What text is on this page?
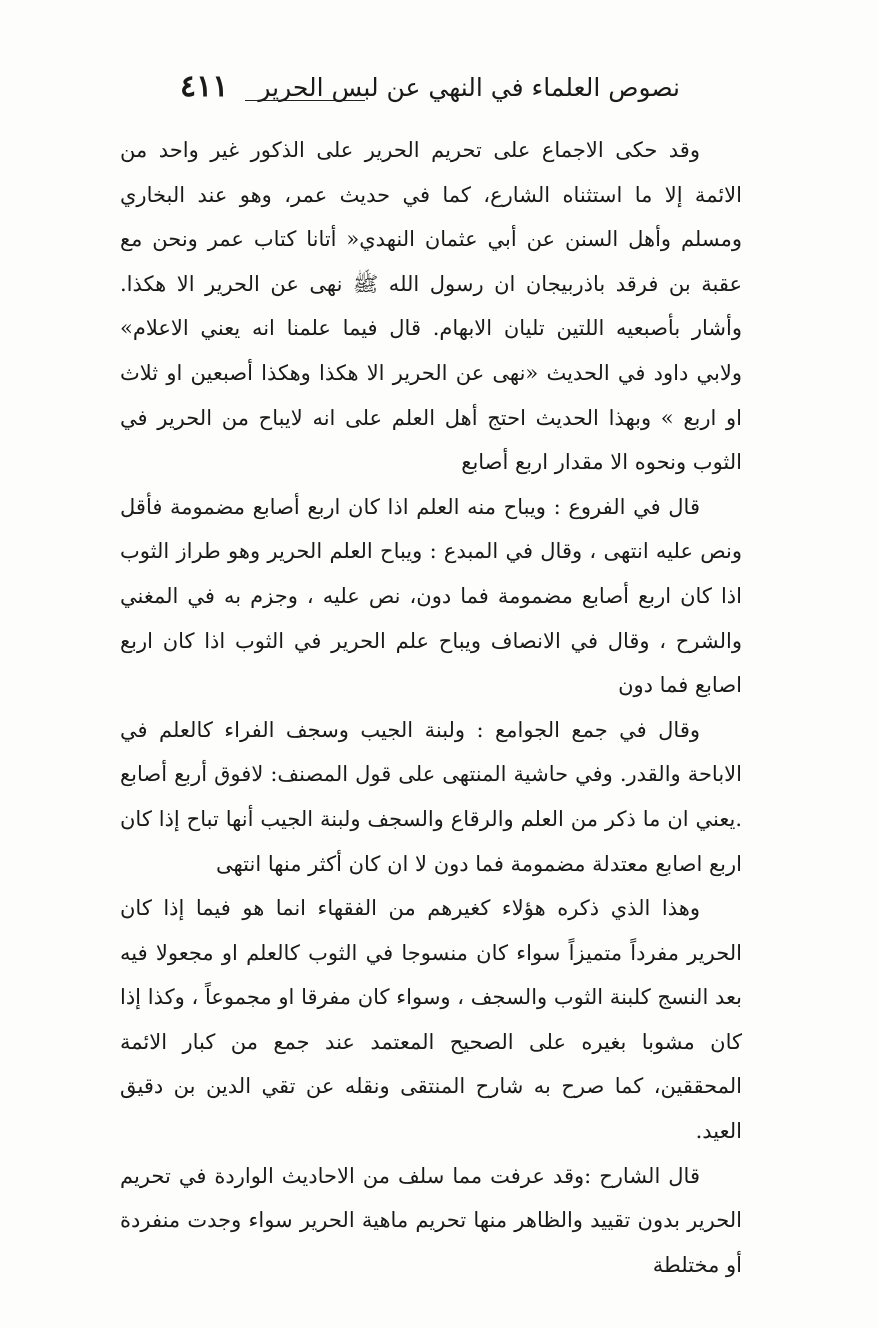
نصوص العلماء في النهي عن لبس الحرير
٤١١

وقد حكى الاجماع على تحريم الحرير على الذكور غير واحد من الائمة إلا ما استثناه الشارع، كما في حديث عمر، وهو عند البخاري ومسلم وأهل السنن عن أبي عثمان النهدي« أتانا كتاب عمر ونحن مع عقبة بن فرقد باذربيجان ان رسول الله ﷺ نهى عن الحرير الا هكذا. وأشار بأصبعيه اللتين تليان الابهام. قال فيما علمنا انه يعني الاعلام» ولابي داود في الحديث «نهى عن الحرير الا هكذا وهكذا أصبعين او ثلاث او اربع » وبهذا الحديث احتج أهل العلم على انه لايباح من الحرير في الثوب ونحوه الا مقدار اربع أصابع

قال في الفروع : ويباح منه العلم اذا كان اربع أصابع مضمومة فأقل ونص عليه انتهى ، وقال في المبدع : ويباح العلم الحرير وهو طراز الثوب اذا كان اربع أصابع مضمومة فما دون، نص عليه ، وجزم به في المغني والشرح ، وقال في الانصاف ويباح علم الحرير في الثوب اذا كان اربع اصابع فما دون

وقال في جمع الجوامع : ولبنة الجيب وسجف الفراء كالعلم في الاباحة والقدر. وفي حاشية المنتهى على قول المصنف: لافوق أربع أصابع .يعني ان ما ذكر من العلم والرقاع والسجف ولبنة الجيب أنها تباح إذا كان اربع اصابع معتدلة مضمومة فما دون لا ان كان أكثر منها انتهى

وهذا الذي ذكره هؤلاء كغيرهم من الفقهاء انما هو فيما إذا كان الحرير مفرداً متميزاً سواء كان منسوجا في الثوب كالعلم او مجعولا فيه بعد النسج كلبنة الثوب والسجف ، وسواء كان مفرقا او مجموعاً ، وكذا إذا كان مشوبا بغيره على الصحيح المعتمد عند جمع من كبار الائمة المحققين، كما صرح به شارح المنتقى ونقله عن تقي الدين بن دقيق العيد.

قال الشارح :وقد عرفت مما سلف من الاحاديث الواردة في تحريم الحرير بدون تقييد والظاهر منها تحريم ماهية الحرير سواء وجدت منفردة أو مختلطة
